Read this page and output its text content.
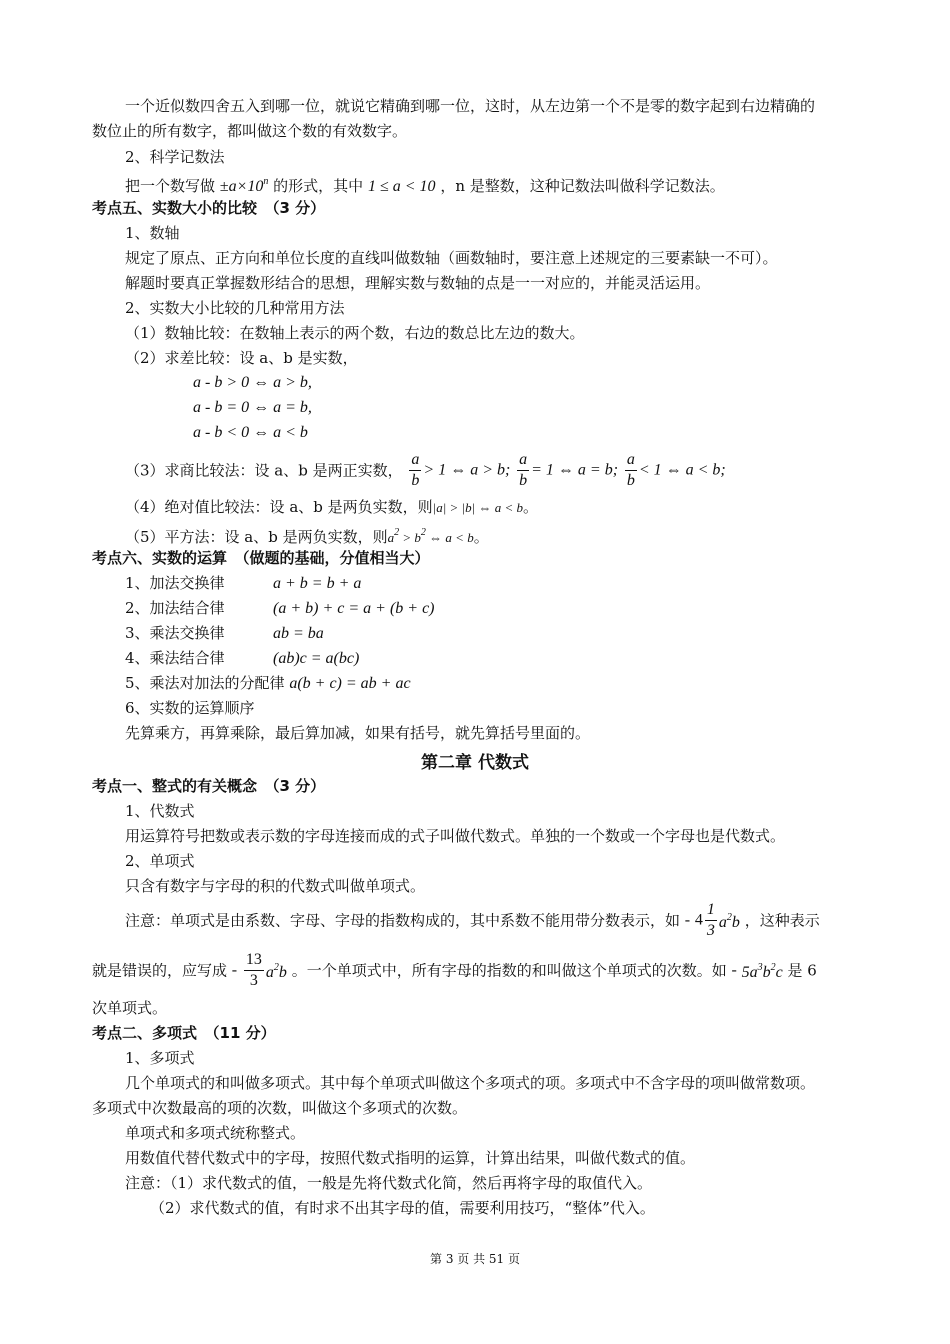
一个近似数四舍五入到哪一位，就说它精确到哪一位，这时，从左边第一个不是零的数字起到右边精确的
数位止的所有数字，都叫做这个数的有效数字。
2、科学记数法
把一个数写做 $\pm a\times 10^n$ 的形式，其中 1 ≤ a < 10 ，n 是整数，这种记数法叫做科学记数法。
考点五、实数大小的比较　（3 分）
1、数轴
规定了原点、正方向和单位长度的直线叫做数轴（画数轴时，要注意上述规定的三要素缺一不可）。
解题时要真正掌握数形结合的思想，理解实数与数轴的点是一一对应的，并能灵活运用。
2、实数大小比较的几种常用方法
（1）数轴比较：在数轴上表示的两个数，右边的数总比左边的数大。
（2）求差比较：设 a、b 是实数，
a - b > 0 ⇔ a > b,
a - b = 0 ⇔ a = b,
a - b < 0 ⇔ a < b
（3）求商比较法：设 a、b 是两正实数， $\frac{a}{b} > 1$ ⇔ a > b; $\frac{a}{b} = 1$ ⇔ a = b; $\frac{a}{b} < 1$ ⇔ a < b;
（4）绝对值比较法：设 a、b 是两负实数，则|a| > |b| ⇔ a < b。
（5）平方法：设 a、b 是两负实数，则$a^2 > b^2$ ⇔ a < b。
考点六、实数的运算　（做题的基础，分值相当大）
1、加法交换律	a + b = b + a
2、加法结合律	(a + b) + c = a + (b + c)
3、乘法交换律	ab = ba
4、乘法结合律	(ab)c = a(bc)
5、乘法对加法的分配律 a(b + c) = ab + ac
6、实数的运算顺序
先算乘方，再算乘除，最后算加减，如果有括号，就先算括号里面的。
第二章 代数式
考点一、整式的有关概念　（3 分）
1、代数式
用运算符号把数或表示数的字母连接而成的式子叫做代数式。单独的一个数或一个字母也是代数式。
2、单项式
只含有数字与字母的积的代数式叫做单项式。
注意：单项式是由系数、字母、字母的指数构成的，其中系数不能用带分数表示，如 - $4 \frac{1}{3} a^2b$ ，这种表示
就是错误的，应写成 - $\frac{13}{3} a^2b$ 。一个单项式中，所有字母的指数的和叫做这个单项式的次数。如 - $5a^3b^2c$ 是 6
次单项式。
考点二、多项式　（11 分）
1、多项式
几个单项式的和叫做多项式。其中每个单项式叫做这个多项式的项。多项式中不含字母的项叫做常数项。
多项式中次数最高的项的次数，叫做这个多项式的次数。
单项式和多项式统称整式。
用数值代替代数式中的字母，按照代数式指明的运算，计算出结果，叫做代数式的值。
注意：（1）求代数式的值，一般是先将代数式化简，然后再将字母的取值代入。
（2）求代数式的值，有时求不出其字母的值，需要利用技巧，“整体”代入。
第 3 页 共 51 页
